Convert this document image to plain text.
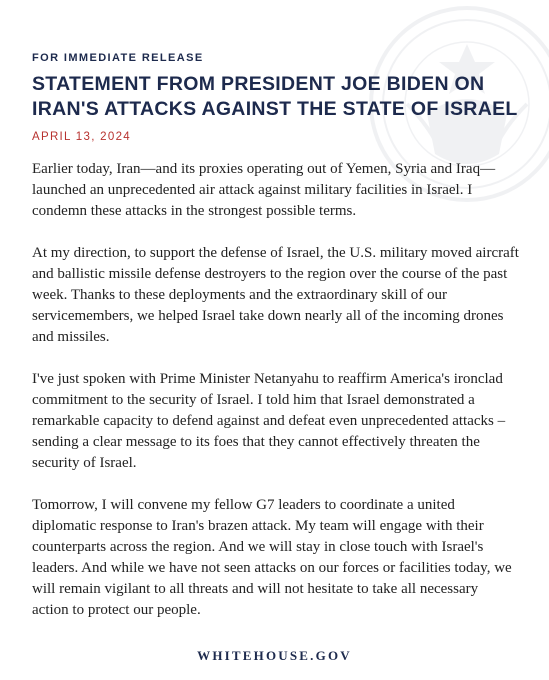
FOR IMMEDIATE RELEASE
STATEMENT FROM PRESIDENT JOE BIDEN ON
IRAN'S ATTACKS AGAINST THE STATE OF ISRAEL
APRIL 13, 2024

Earlier today, Iran—and its proxies operating out of Yemen, Syria and Iraq—
launched an unprecedented air attack against military facilities in Israel. I
condemn these attacks in the strongest possible terms.

At my direction, to support the defense of Israel, the U.S. military moved aircraft
and ballistic missile defense destroyers to the region over the course of the past
week. Thanks to these deployments and the extraordinary skill of our
servicemembers, we helped Israel take down nearly all of the incoming drones
and missiles.

I've just spoken with Prime Minister Netanyahu to reaffirm America's ironclad
commitment to the security of Israel. I told him that Israel demonstrated a
remarkable capacity to defend against and defeat even unprecedented attacks –
sending a clear message to its foes that they cannot effectively threaten the
security of Israel.

Tomorrow, I will convene my fellow G7 leaders to coordinate a united
diplomatic response to Iran's brazen attack. My team will engage with their
counterparts across the region. And we will stay in close touch with Israel's
leaders. And while we have not seen attacks on our forces or facilities today, we
will remain vigilant to all threats and will not hesitate to take all necessary
action to protect our people.

WHITEHOUSE.GOV
